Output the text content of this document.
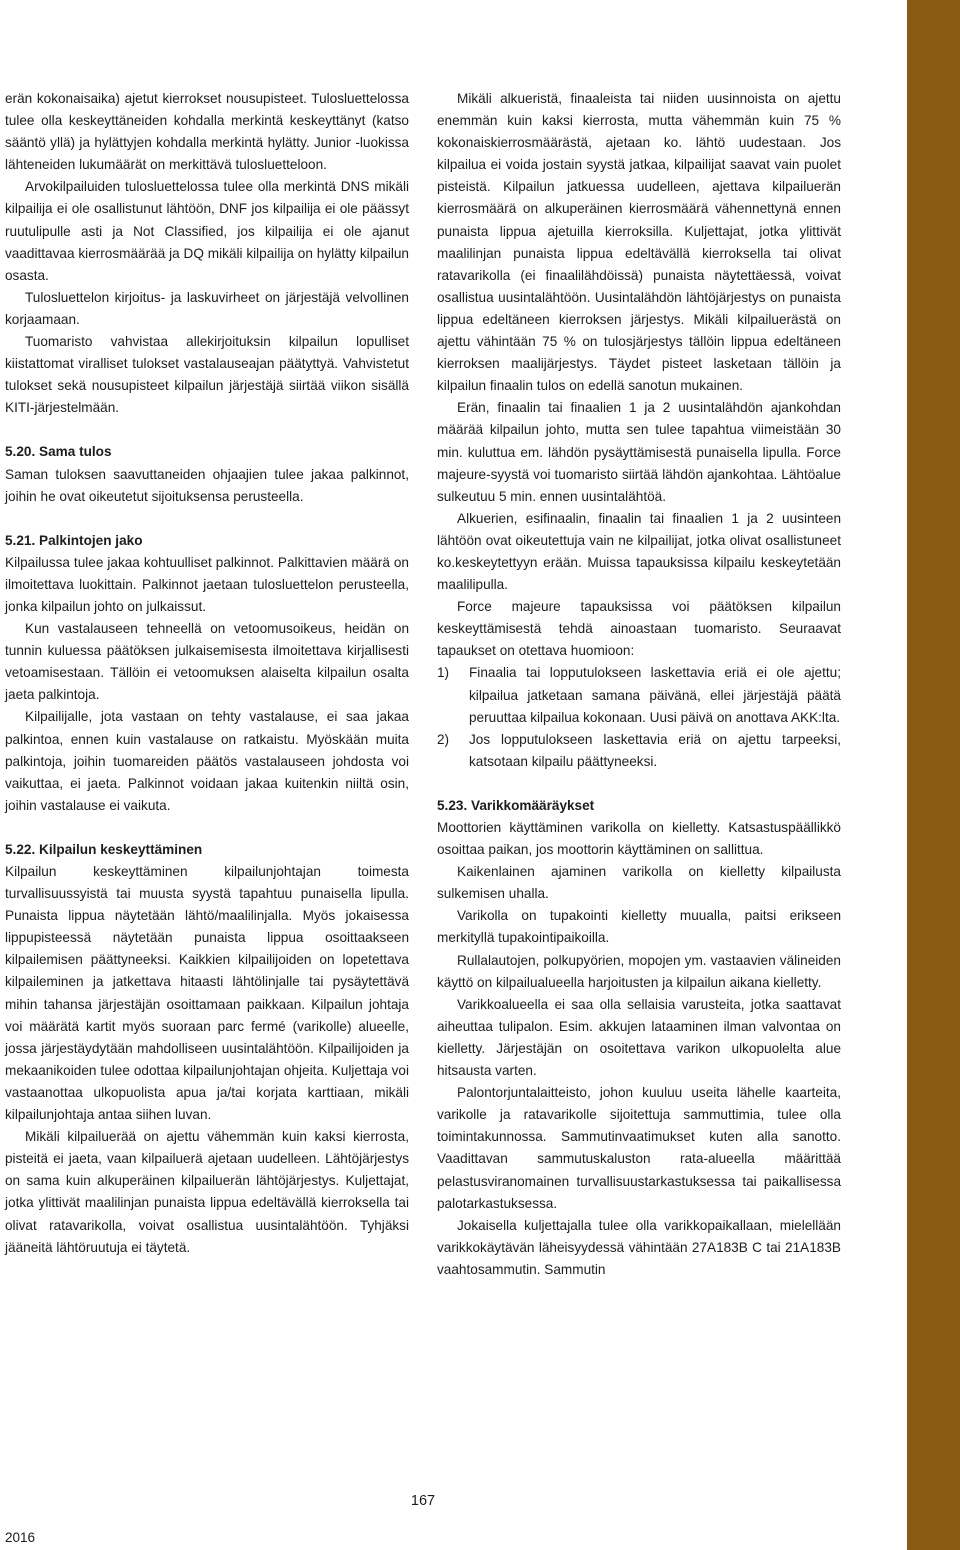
erän kokonaisaika) ajetut kierrokset nousupisteet. Tulosluettelossa tulee olla keskeyttäneiden kohdalla merkintä keskeyttänyt (katso sääntö yllä) ja hylättyjen kohdalla merkintä hylätty. Junior -luokissa lähteneiden lukumäärät on merkittävä tulosluetteloon.

Arvokilpailuiden tulosluettelossa tulee olla merkintä DNS mikäli kilpailija ei ole osallistunut lähtöön, DNF jos kilpailija ei ole päässyt ruutulipulle asti ja Not Classified, jos kilpailija ei ole ajanut vaadittavaa kierrosmäärää ja DQ mikäli kilpailija on hylätty kilpailun osasta.

Tulosluettelon kirjoitus- ja laskuvirheet on järjestäjä velvollinen korjaamaan.

Tuomaristo vahvistaa allekirjoituksin kilpailun lopulliset kiistattomat viralliset tulokset vastalauseajan päätyttyä. Vahvistetut tulokset sekä nousupisteet kilpailun järjestäjä siirtää viikon sisällä KITI-järjestelmään.

5.20. Sama tulos

Saman tuloksen saavuttaneiden ohjaajien tulee jakaa palkinnot, joihin he ovat oikeutetut sijoituksensa perusteella.

5.21. Palkintojen jako

Kilpailussa tulee jakaa kohtuulliset palkinnot. Palkittavien määrä on ilmoitettava luokittain. Palkinnot jaetaan tulosluettelon perusteella, jonka kilpailun johto on julkaissut.

Kun vastalauseen tehneellä on vetoomusoikeus, heidän on tunnin kuluessa päätöksen julkaisemisesta ilmoitettava kirjallisesti vetoamisestaan. Tällöin ei vetoomuksen alaiselta kilpailun osalta jaeta palkintoja.

Kilpailijalle, jota vastaan on tehty vastalause, ei saa jakaa palkintoa, ennen kuin vastalause on ratkaistu. Myöskään muita palkintoja, joihin tuomareiden päätös vastalauseen johdosta voi vaikuttaa, ei jaeta. Palkinnot voidaan jakaa kuitenkin niiltä osin, joihin vastalause ei vaikuta.

5.22. Kilpailun keskeyttäminen

Kilpailun keskeyttäminen kilpailunjohtajan toimesta turvallisuussyistä tai muusta syystä tapahtuu punaisella lipulla. Punaista lippua näytetään lähtö/maalilinjalla. Myös jokaisessa lippupisteessä näytetään punaista lippua osoittaakseen kilpailemisen päättyneeksi. Kaikkien kilpailijoiden on lopetettava kilpaileminen ja jatkettava hitaasti lähtölinjalle tai pysäytettävä mihin tahansa järjestäjän osoittamaan paikkaan. Kilpailun johtaja voi määrätä kartit myös suoraan parc fermé (varikolle) alueelle, jossa järjestäydytään mahdolliseen uusintalähtöön. Kilpailijoiden ja mekaanikoiden tulee odottaa kilpailunjohtajan ohjeita. Kuljettaja voi vastaanottaa ulkopuolista apua ja/tai korjata karttiaan, mikäli kilpailunjohtaja antaa siihen luvan.

Mikäli kilpailuerää on ajettu vähemmän kuin kaksi kierrosta, pisteitä ei jaeta, vaan kilpailuerä ajetaan uudelleen. Lähtöjärjestys on sama kuin alkuperäinen kilpailuerän lähtöjärjestys. Kuljettajat, jotka ylittivät maalilinjan punaista lippua edeltävällä kierroksella tai olivat ratavarikolla, voivat osallistua uusintalähtöön. Tyhjäksi jääneitä lähtöruutuja ei täytetä.

Mikäli alkueristä, finaaleista tai niiden uusinnoista on ajettu enemmän kuin kaksi kierrosta, mutta vähemmän kuin 75 % kokonaiskierrosmäärästä, ajetaan ko. lähtö uudestaan. Jos kilpailua ei voida jostain syystä jatkaa, kilpailijat saavat vain puolet pisteistä. Kilpailun jatkuessa uudelleen, ajettava kilpailuerän kierrosmäärä on alkuperäinen kierrosmäärä vähennettynä ennen punaista lippua ajetuilla kierroksilla. Kuljettajat, jotka ylittivät maalilinjan punaista lippua edeltävällä kierroksella tai olivat ratavarikolla (ei finaalilähdöissä) punaista näytettäessä, voivat osallistua uusintalähtöön. Uusintalähdön lähtöjärjestys on punaista lippua edeltäneen kierroksen järjestys. Mikäli kilpailuerästä on ajettu vähintään 75 % on tulosjärjestys tällöin lippua edeltäneen kierroksen maalijärjestys. Täydet pisteet lasketaan tällöin ja kilpailun finaalin tulos on edellä sanotun mukainen.

Erän, finaalin tai finaalien 1 ja 2 uusintalähdön ajankohdan määrää kilpailun johto, mutta sen tulee tapahtua viimeistään 30 min. kuluttua em. lähdön pysäyttämisestä punaisella lipulla. Force majeure-syystä voi tuomaristo siirtää lähdön ajankohtaa. Lähtöalue sulkeutuu 5 min. ennen uusintalähtöä.

Alkuerien, esifinaalin, finaalin tai finaalien 1 ja 2 uusinteen lähtöön ovat oikeutettuja vain ne kilpailijat, jotka olivat osallistuneet ko.keskeytettyyn erään. Muissa tapauksissa kilpailu keskeytetään maalilipulla.

Force majeure tapauksissa voi päätöksen kilpailun keskeyttämisestä tehdä ainoastaan tuomaristo. Seuraavat tapaukset on otettava huomioon:

1)	Finaalia tai lopputulokseen laskettavia eriä ei ole ajettu; kilpailua jatketaan samana päivänä, ellei järjestäjä päätä peruuttaa kilpailua kokonaan. Uusi päivä on anottava AKK:lta.
2)	Jos lopputulokseen laskettavia eriä on ajettu tarpeeksi, katsotaan kilpailu päättyneeksi.
5.23. Varikkomääräykset

Moottorien käyttäminen varikolla on kielletty. Katsastuspäällikkö osoittaa paikan, jos moottorin käyttäminen on sallittua.

Kaikenlainen ajaminen varikolla on kielletty kilpailusta sulkemisen uhalla.

Varikolla on tupakointi kielletty muualla, paitsi erikseen merkityllä tupakointipaikoilla.

Rullalautojen, polkupyörien, mopojen ym. vastaavien välineiden käyttö on kilpailualueella harjoitusten ja kilpailun aikana kielletty.

Varikkoalueella ei saa olla sellaisia varusteita, jotka saattavat aiheuttaa tulipalon. Esim. akkujen lataaminen ilman valvontaa on kielletty. Järjestäjän on osoitettava varikon ulkopuolelta alue hitsausta varten.

Palontorjuntalaitteisto, johon kuuluu useita lähelle kaarteita, varikolle ja ratavarikolle sijoitettuja sammuttimia, tulee olla toimintakunnossa. Sammutinvaatimukset kuten alla sanotto. Vaadittavan sammutuskaluston rata-alueella määrittää pelastusviranomainen turvallisuustarkastuksessa tai paikallisessa palotarkastuksessa.

Jokaisella kuljettajalla tulee olla varikkopaikallaan, mielellään varikkokäytävän läheisyydessä vähintään 27A183B C tai 21A183B vaahtosammutin. Sammutin

167
2016
